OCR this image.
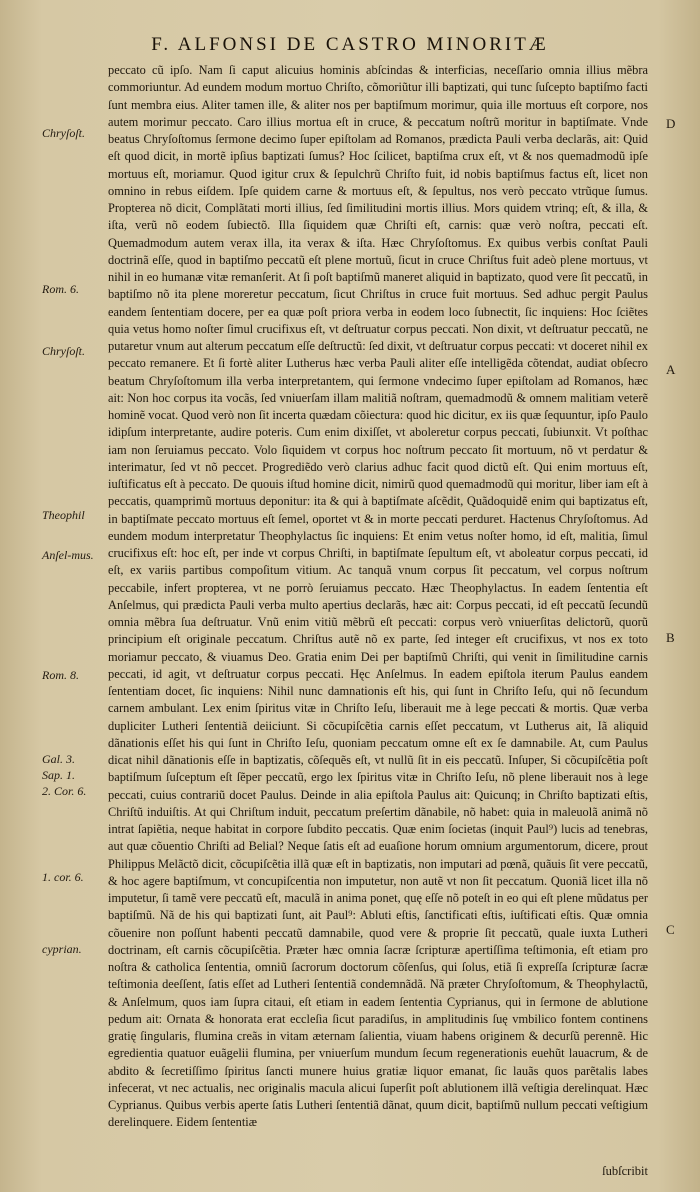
F. ALFONSI DE CASTRO MINORITÆ

peccato cũ ipſo. Nam ſi caput alicuius hominis abſcindas & interficias, neceſſario omnia illius mẽbra commoriuntur. Ad eundem modum mortuo Chriſto, cõmoriũtur illi baptizati, qui tunc ſuſcepto baptiſmo facti ſunt membra eius. Aliter tamen ille, & aliter nos per baptiſmum morimur, quia ille mortuus eſt corpore, nos autem morimur peccato. Caro illius mortua eſt in cruce, & peccatum noſtrũ moritur in baptiſmate. Vnde beatus Chryſoſtomus ſermone decimo ſuper epiſtolam ad Romanos, prædicta Pauli verba declarãs, ait: Quid eſt quod dicit, in mortẽ ipſius baptizati ſumus? Hoc ſcilicet, baptiſma crux eſt, vt & nos quemadmodũ ipſe mortuus eſt, moriamur. Quod igitur crux & ſepulchrũ Chriſto fuit, id nobis baptiſmus factus eſt, licet non omnino in rebus eiſdem. Ipſe quidem carne & mortuus eſt, & ſepultus, nos verò peccato vtrũque ſumus. Propterea nõ dicit, Complãtati morti illius, ſed ſimilitudini mortis illius. Mors quidem vtrinq; eſt, & illa, & iſta, verũ nõ eodem ſubiectõ. Illa ſiquidem quæ Chriſti eſt, carnis: quæ verò noſtra, peccati eſt. Quemadmodum autem verax illa, ita verax & iſta. Hæc Chryſoſtomus. Ex quibus verbis conſtat Pauli doctrinã eſſe, quod in baptiſmo peccatũ eſt plene mortuũ, ſicut in cruce Chriſtus fuit adeò plene mortuus, vt nihil in eo humanæ vitæ remanſerit. At ſi poſt baptiſmũ maneret aliquid in baptizato, quod vere ſit peccatũ, in baptiſmo nõ ita plene moreretur peccatum, ſicut Chriſtus in cruce fuit mortuus. Sed adhuc pergit Paulus eandem ſententiam docere, per ea quæ poſt priora verba in eodem loco ſubnectit, ſic inquiens: Hoc ſciẽtes quia vetus homo noſter ſimul crucifixus eſt, vt deſtruatur corpus peccati. Non dixit, vt deſtruatur peccatũ, ne putaretur vnum aut alterum peccatum eſſe deſtructũ: ſed dixit, vt deſtruatur corpus peccati: vt doceret nihil ex peccato remanere. Et ſi fortè aliter Lutherus hæc verba Pauli aliter eſſe intelligẽda cõtendat, audiat obſecro beatum Chryſoſtomum illa verba interpretantem, qui ſermone vndecimo ſuper epiſtolam ad Romanos, hæc ait: Non hoc corpus ita vocãs, ſed vniuerſam illam malitiã noſtram, quemadmodũ & omnem malitiam veterẽ hominẽ vocat. Quod verò non ſit incerta quædam cõiectura: quod hic dicitur, ex iis quæ ſequuntur, ipſo Paulo idipſum interpretante, audire poteris. Cum enim dixiſſet, vt aboleretur corpus peccati, ſubiunxit. Vt poſthac iam non ſeruiamus peccato. Volo ſiquidem vt corpus hoc noſtrum peccato ſit mortuum, nõ vt perdatur & interimatur, ſed vt nõ peccet. Progrediẽdo verò clarius adhuc facit quod dictũ eſt. Qui enim mortuus eſt, iuſtificatus eſt à peccato. De quouis iſtud homine dicit, nimirũ quod quemadmodũ qui moritur, liber iam eſt à peccatis, quamprimũ mortuus deponitur: ita & qui à baptiſmate aſcẽdit, Quãdoquidẽ enim qui baptizatus eſt, in baptiſmate peccato mortuus eſt ſemel, oportet vt & in morte peccati perduret. Hactenus Chryſoſtomus. Ad eundem modum interpretatur Theophylactus ſic inquiens: Et enim vetus noſter homo, id eſt, malitia, ſimul crucifixus eſt: hoc eſt, per inde vt corpus Chriſti, in baptiſmate ſepultum eſt, vt aboleatur corpus peccati, id eſt, ex variis partibus compoſitum vitium. Ac tanquã vnum corpus ſit peccatum, vel corpus noſtrum peccabile, infert propterea, vt ne porrò ſeruiamus peccato. Hæc Theophylactus. In eadem ſententia eſt Anſelmus, qui prædicta Pauli verba multo apertius declarãs, hæc ait: Corpus peccati, id eſt peccatũ ſecundũ omnia mẽbra ſua deſtruatur. Vnũ enim vitiũ mẽbrũ eſt peccati: corpus verò vniuerſitas delictorũ, quorũ principium eſt originale peccatum. Chriſtus autẽ nõ ex parte, ſed integer eſt crucifixus, vt nos ex toto moriamur peccato, & viuamus Deo. Gratia enim Dei per baptiſmũ Chriſti, qui venit in ſimilitudine carnis peccati, id agit, vt deſtruatur corpus peccati. Hęc Anſelmus. In eadem epiſtola iterum Paulus eandem ſententiam docet, ſic inquiens: Nihil nunc damnationis eſt his, qui ſunt in Chriſto Ieſu, qui nõ ſecundum carnem ambulant. Lex enim ſpiritus vitæ in Chriſto Ieſu, liberauit me à lege peccati & mortis. Quæ verba dupliciter Lutheri ſententiã deiiciunt. Si cõcupiſcẽtia carnis eſſet peccatum, vt Lutherus ait, Iã aliquid dãnationis eſſet his qui ſunt in Chriſto Ieſu, quoniam peccatum omne eſt ex ſe damnabile. At, cum Paulus dicat nihil dãnationis eſſe in baptizatis, cõſequẽs eſt, vt nullũ ſit in eis peccatũ. Inſuper, Si cõcupiſcẽtia poſt baptiſmum ſuſceptum eſt ſẽper peccatũ, ergo lex ſpiritus vitæ in Chriſto Ieſu, nõ plene liberauit nos à lege peccati, cuius contrariũ docet Paulus. Deinde in alia epiſtola Paulus ait: Quicunq; in Chriſto baptizati eſtis, Chriſtũ induiſtis. At qui Chriſtum induit, peccatum preſertim dãnabile, nõ habet: quia in maleuolã animã nõ intrat ſapiẽtia, neque habitat in corpore ſubdito peccatis. Quæ enim ſocietas (inquit Paul⁹) lucis ad tenebras, aut quæ cõuentio Chriſti ad Belial? Neque ſatis eſt ad euaſione horum omnium argumentorum, dicere, prout Philippus Melãctõ dicit, cõcupiſcẽtia illã quæ eſt in baptizatis, non imputari ad pœnã, quãuis ſit vere peccatũ, & hoc agere baptiſmum, vt concupiſcentia non imputetur, non autẽ vt non ſit peccatum. Quoniã licet illa nõ imputetur, ſi tamẽ vere peccatũ eſt, maculã in anima ponet, quę eſſe nõ poteſt in eo qui eſt plene mũdatus per baptiſmũ. Nã de his qui baptizati ſunt, ait Paul⁹: Abluti eſtis, ſanctificati eſtis, iuſtificati eſtis. Quæ omnia cõuenire non poſſunt habenti peccatũ damnabile, quod vere & proprie ſit peccatũ, quale iuxta Lutheri doctrinam, eſt carnis cõcupiſcẽtia. Præter hæc omnia ſacræ ſcripturæ apertiſſima teſtimonia, eſt etiam pro noſtra & catholica ſententia, omniũ ſacrorum doctorum cõſenſus, qui ſolus, etiã ſi expreſſa ſcripturæ ſacræ teſtimonia deeſſent, ſatis eſſet ad Lutheri ſententiã condemnãdã. Nã præter Chryſoſtomum, & Theophylactũ, & Anſelmum, quos iam ſupra citaui, eſt etiam in eadem ſententia Cyprianus, qui in ſermone de ablutione pedum ait: Ornata & honorata erat eccleſia ſicut paradiſus, in amplitudinis ſuę vmbilico fontem continens gratię ſingularis, flumina creãs in vitam æternam ſalientia, viuam habens originem & decurſũ perennẽ. Hic egredientia quatuor euãgelii flumina, per vniuerſum mundum ſecum regenerationis euehũt lauacrum, & de abdito & ſecretiſſimo ſpiritus ſancti munere huius gratiæ liquor emanat, ſic lauãs quos parẽtalis labes infecerat, vt nec actualis, nec originalis macula alicui ſuperſit poſt ablutionem illã veſtigia derelinquat. Hæc Cyprianus. Quibus verbis aperte ſatis Lutheri ſententiã dãnat, quum dicit, baptiſmũ nullum peccati veſtigium derelinquere. Eidem ſententiæ

Chryſoſt.
Rom. 6.
Chryſoſt.
Theophil
Anſel-mus.
Rom. 8.
Gal. 3.
Sap. 1.
2. Cor. 6.
1. cor. 6.
cyprian.
D
A
B
C
ſubſcribit
